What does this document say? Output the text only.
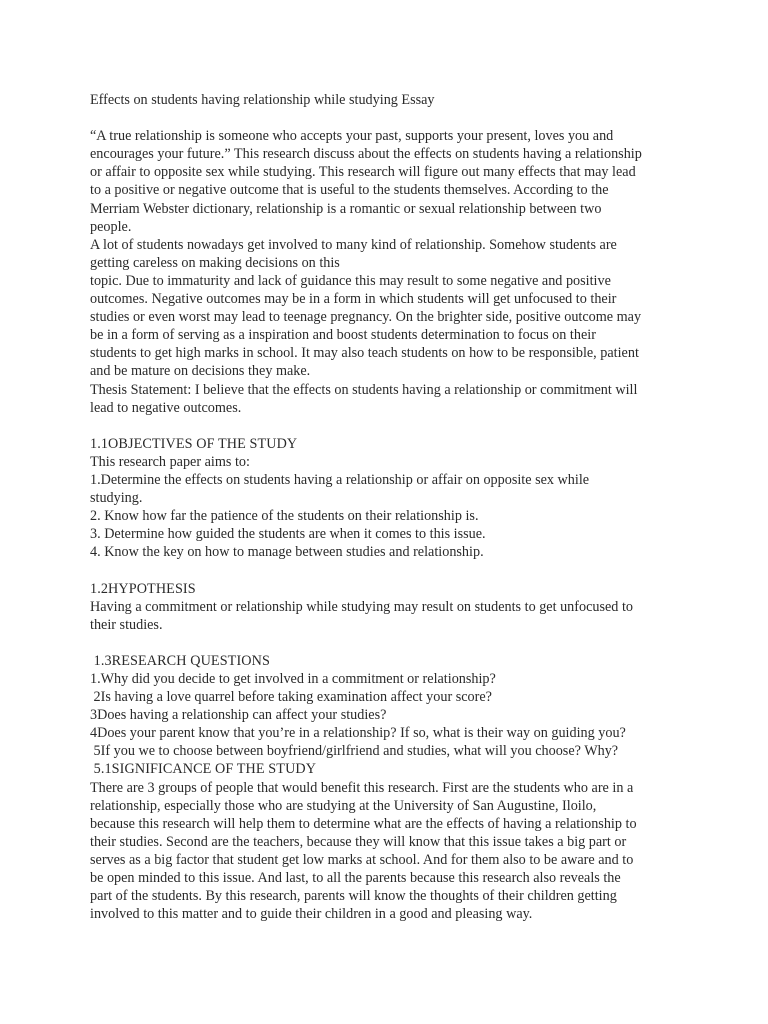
Effects on students having relationship while studying Essay
“A true relationship is someone who accepts your past, supports your present, loves you and
encourages your future.” This research discuss about the effects on students having a relationship
or affair to opposite sex while studying. This research will figure out many effects that may lead
to a positive or negative outcome that is useful to the students themselves. According to the
Merriam Webster dictionary, relationship is a romantic or sexual relationship between two
people.
A lot of students nowadays get involved to many kind of relationship. Somehow students are
getting careless on making decisions on this
topic. Due to immaturity and lack of guidance this may result to some negative and positive
outcomes. Negative outcomes may be in a form in which students will get unfocused to their
studies or even worst may lead to teenage pregnancy. On the brighter side, positive outcome may
be in a form of serving as a inspiration and boost students determination to focus on their
students to get high marks in school. It may also teach students on how to be responsible, patient
and be mature on decisions they make.
Thesis Statement: I believe that the effects on students having a relationship or commitment will
lead to negative outcomes.
1.1OBJECTIVES OF THE STUDY
This research paper aims to:
1.Determine the effects on students having a relationship or affair on opposite sex while
studying.
2. Know how far the patience of the students on their relationship is.
3. Determine how guided the students are when it comes to this issue.
4. Know the key on how to manage between studies and relationship.
1.2HYPOTHESIS
Having a commitment or relationship while studying may result on students to get unfocused to
their studies.
1.3RESEARCH QUESTIONS
1.Why did you decide to get involved in a commitment or relationship?
2Is having a love quarrel before taking examination affect your score?
3Does having a relationship can affect your studies?
4Does your parent know that you’re in a relationship? If so, what is their way on guiding you?
5If you we to choose between boyfriend/girlfriend and studies, what will you choose? Why?
5.1SIGNIFICANCE OF THE STUDY
There are 3 groups of people that would benefit this research. First are the students who are in a
relationship, especially those who are studying at the University of San Augustine, Iloilo,
because this research will help them to determine what are the effects of having a relationship to
their studies. Second are the teachers, because they will know that this issue takes a big part or
serves as a big factor that student get low marks at school. And for them also to be aware and to
be open minded to this issue. And last, to all the parents because this research also reveals the
part of the students. By this research, parents will know the thoughts of their children getting
involved to this matter and to guide their children in a good and pleasing way.
